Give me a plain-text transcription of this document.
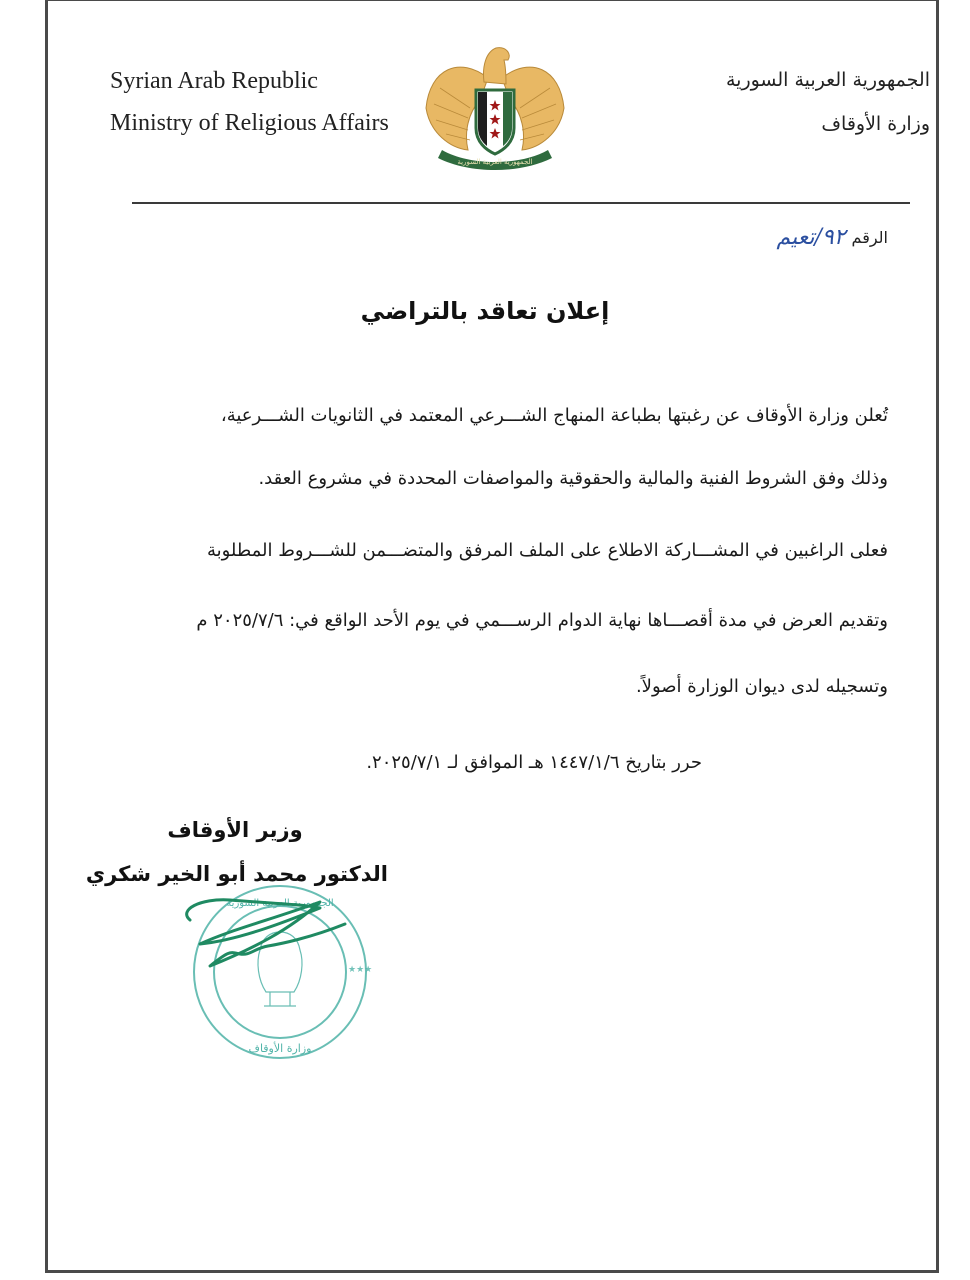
Syrian Arab Republic
Ministry of Religious Affairs
الجمهورية العربية السورية
الجمهورية العربية السورية
وزارة الأوقاف
الرقم
٩٢/تعيم
إعلان تعاقد بالتراضي
تُعلن وزارة الأوقاف عن رغبتها بطباعة المنهاج الشـــرعي المعتمد في الثانويات الشـــرعية،
وذلك وفق الشروط الفنية والمالية والحقوقية والمواصفات المحددة في مشروع العقد.
فعلى الراغبين في المشـــاركة الاطلاع على الملف المرفق والمتضـــمن للشـــروط المطلوبة
وتقديم العرض في مدة أقصـــاها نهاية الدوام الرســـمي في يوم الأحد الواقع في: ٢٠٢٥/٧/٦ م
وتسجيله لدى ديوان الوزارة أصولاً.
حرر بتاريخ ١٤٤٧/١/٦ هـ الموافق لـ ٢٠٢٥/٧/١.
وزير الأوقاف
الدكتور محمد أبو الخير شكري
★★★
وزارة الأوقاف
الجمهورية العربية السورية
